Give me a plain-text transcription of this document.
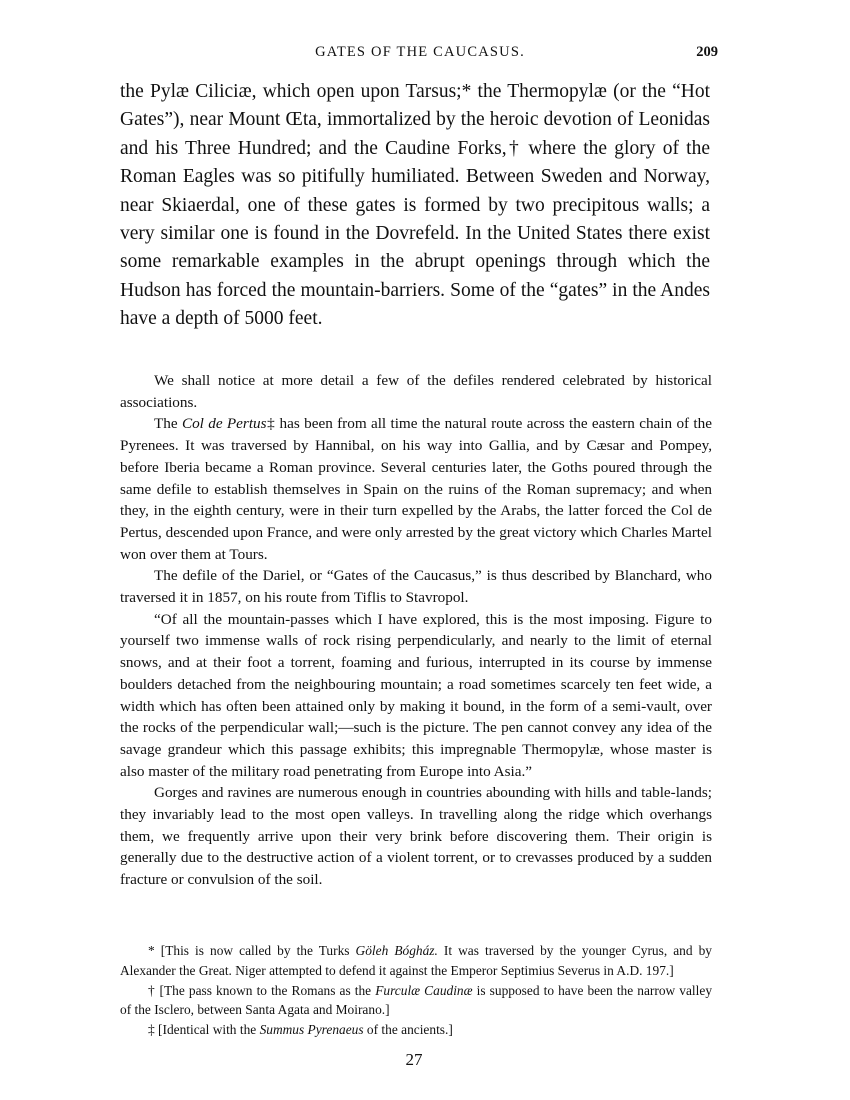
GATES OF THE CAUCASUS.	209

the Pylæ Ciliciæ, which open upon Tarsus;* the Thermopylæ (or the “Hot Gates”), near Mount Œta, immortalized by the heroic devotion of Leonidas and his Three Hundred; and the Caudine Forks,† where the glory of the Roman Eagles was so pitifully humiliated. Between Sweden and Norway, near Skiaerdal, one of these gates is formed by two precipitous walls; a very similar one is found in the Dovrefeld. In the United States there exist some remarkable examples in the abrupt openings through which the Hudson has forced the mountain-barriers. Some of the “gates” in the Andes have a depth of 5000 feet.

We shall notice at more detail a few of the defiles rendered celebrated by historical associations.

The Col de Pertus‡ has been from all time the natural route across the eastern chain of the Pyrenees. It was traversed by Hannibal, on his way into Gallia, and by Cæsar and Pompey, before Iberia became a Roman province. Several centuries later, the Goths poured through the same defile to establish themselves in Spain on the ruins of the Roman supremacy; and when they, in the eighth century, were in their turn expelled by the Arabs, the latter forced the Col de Pertus, descended upon France, and were only arrested by the great victory which Charles Martel won over them at Tours.

The defile of the Dariel, or “Gates of the Caucasus,” is thus described by Blanchard, who traversed it in 1857, on his route from Tiflis to Stavropol.

“Of all the mountain-passes which I have explored, this is the most imposing. Figure to yourself two immense walls of rock rising perpendicularly, and nearly to the limit of eternal snows, and at their foot a torrent, foaming and furious, interrupted in its course by immense boulders detached from the neighbouring mountain; a road sometimes scarcely ten feet wide, a width which has often been attained only by making it bound, in the form of a semi-vault, over the rocks of the perpendicular wall;—such is the picture. The pen cannot convey any idea of the savage grandeur which this passage exhibits; this impregnable Thermopylæ, whose master is also master of the military road penetrating from Europe into Asia.”

Gorges and ravines are numerous enough in countries abounding with hills and table-lands; they invariably lead to the most open valleys. In travelling along the ridge which overhangs them, we frequently arrive upon their very brink before discovering them. Their origin is generally due to the destructive action of a violent torrent, or to crevasses produced by a sudden fracture or convulsion of the soil.

* [This is now called by the Turks Göleh Bógház. It was traversed by the younger Cyrus, and by Alexander the Great. Niger attempted to defend it against the Emperor Septimius Severus in A.D. 197.]

† [The pass known to the Romans as the Furculæ Caudinæ is supposed to have been the narrow valley of the Isclero, between Santa Agata and Moirano.]

‡ [Identical with the Summus Pyrenaeus of the ancients.]

27
